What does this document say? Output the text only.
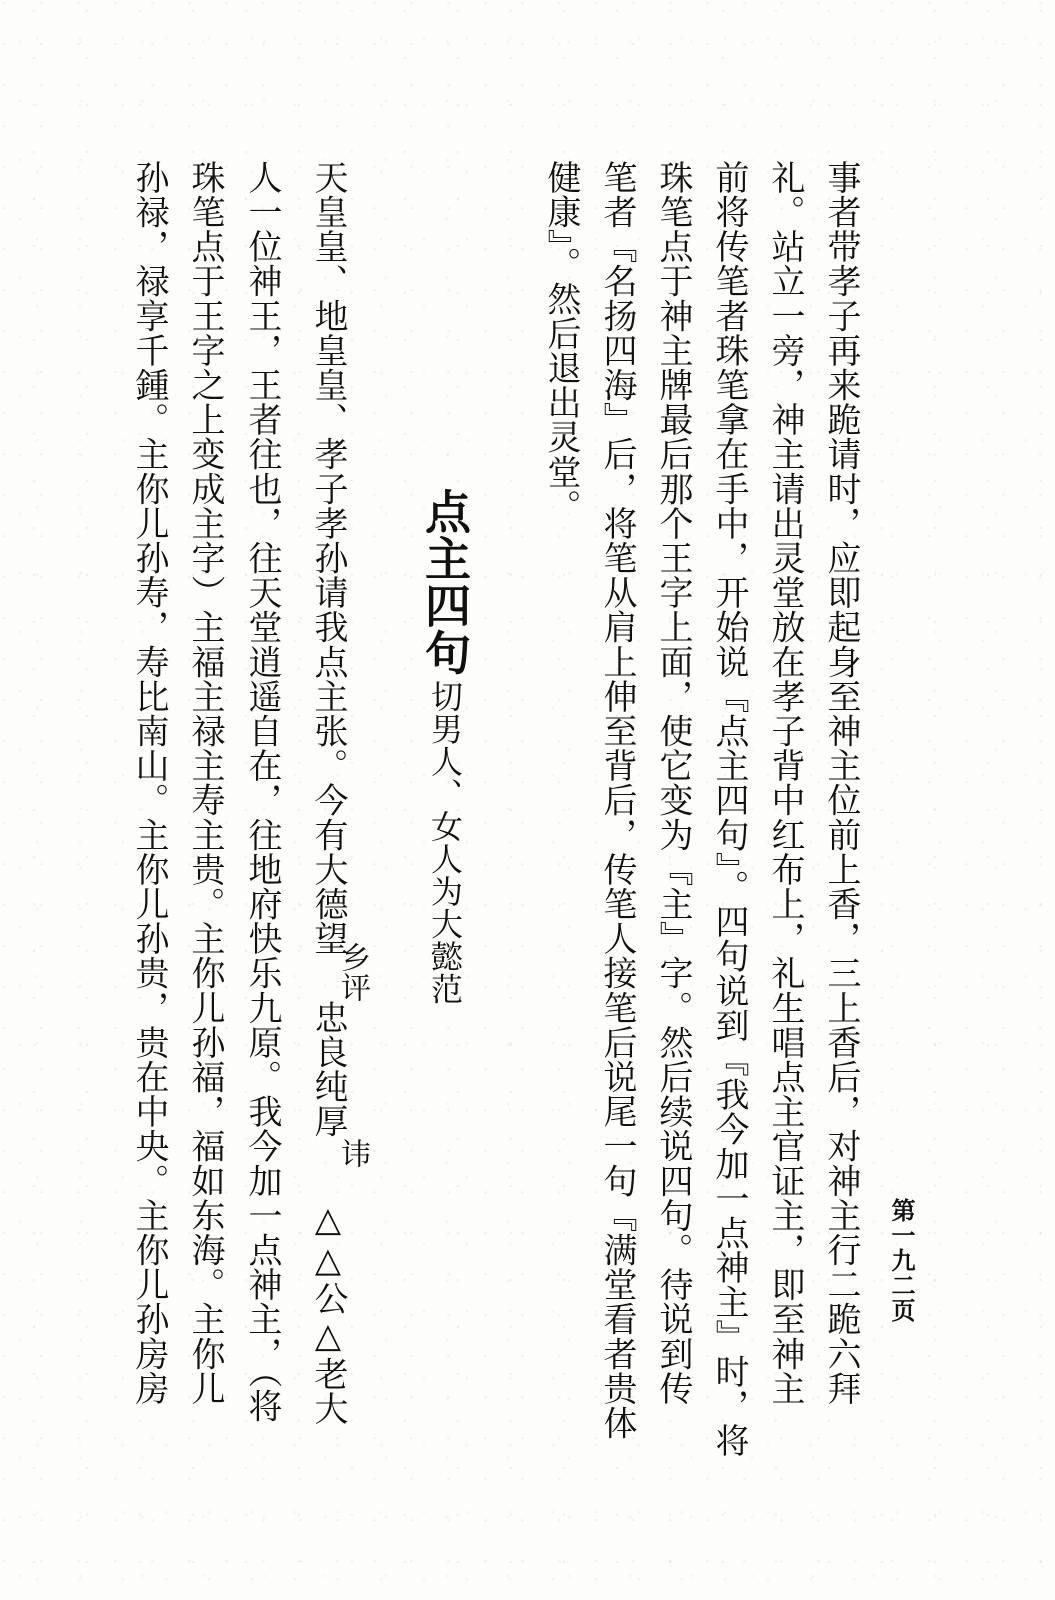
第一九二页
事者带孝子再来跪请时，应即起身至神主位前上香，三上香后，对神主行二跪六拜
礼。站立一旁，神主请出灵堂放在孝子背中红布上，礼生唱点主官证主，即至神主
前将传笔者珠笔拿在手中，开始说『点主四句』。四句说到『我今加一点神主』时，将
珠笔点于神主牌最后那个王字上面，使它变为『主』字。然后续说四句。待说到传
笔者『名扬四海』后，将笔从肩上伸至背后，传笔人接笔后说尾一句『满堂看者贵体
健康』。然后退出灵堂。
点主四句切男人、女人为大懿范
天皇皇、地皇皇、孝子孝孙请我点主张。今有大德望
乡评
忠良纯厚
讳
△△公△老大
人一位神王，王者往也，往天堂逍遥自在，往地府快乐九原。我今加一点神主，（将
珠笔点于王字之上变成主字）主福主禄主寿主贵。主你儿孙福，福如东海。主你儿
孙禄，禄享千鍾。主你儿孙寿，寿比南山。主你儿孙贵，贵在中央。主你儿孙房房
